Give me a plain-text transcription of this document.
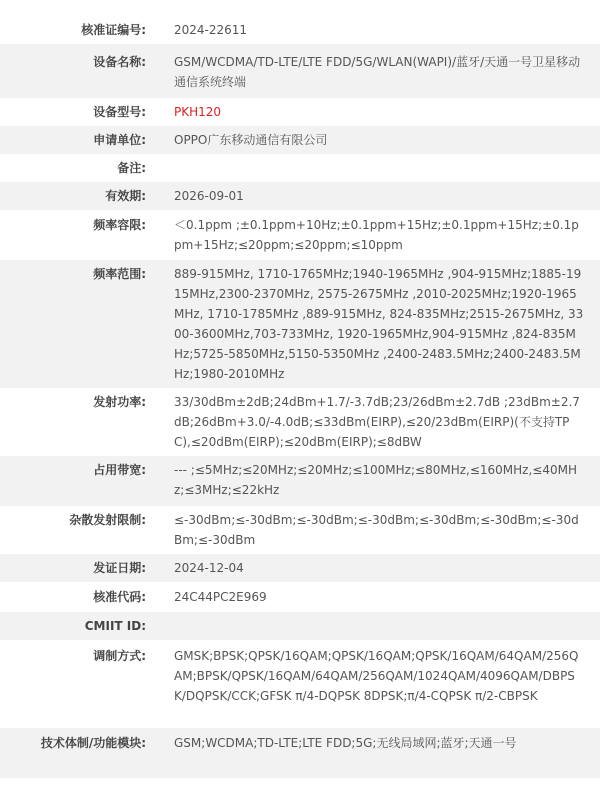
核准证编号: 2024-22611
设备名称: GSM/WCDMA/TD-LTE/LTE FDD/5G/WLAN(WAPI)/蓝牙/天通一号卫星移动通信系统终端
设备型号: PKH120
申请单位: OPPO广东移动通信有限公司
备注:
有效期: 2026-09-01
频率容限: ＜0.1ppm ;±0.1ppm+10Hz;±0.1ppm+15Hz;±0.1ppm+15Hz;±0.1ppm+15Hz;≤20ppm;≤20ppm;≤10ppm
频率范围: 889-915MHz, 1710-1765MHz;1940-1965MHz ,904-915MHz;1885-1915MHz,2300-2370MHz, 2575-2675MHz ,2010-2025MHz;1920-1965MHz, 1710-1785MHz ,889-915MHz, 824-835MHz;2515-2675MHz, 3300-3600MHz,703-733MHz, 1920-1965MHz,904-915MHz ,824-835MHz;5725-5850MHz,5150-5350MHz ,2400-2483.5MHz;2400-2483.5MHz;1980-2010MHz
发射功率: 33/30dBm±2dB;24dBm+1.7/-3.7dB;23/26dBm±2.7dB ;23dBm±2.7dB;26dBm+3.0/-4.0dB;≤33dBm(EIRP),≤20/23dBm(EIRP)(不支持TPC),≤20dBm(EIRP);≤20dBm(EIRP);≤8dBW
占用带宽: --- ;≤5MHz;≤20MHz;≤20MHz;≤100MHz;≤80MHz,≤160MHz,≤40MHz;≤3MHz;≤22kHz
杂散发射限制: ≤-30dBm;≤-30dBm;≤-30dBm;≤-30dBm;≤-30dBm;≤-30dBm;≤-30dBm;≤-30dBm
发证日期: 2024-12-04
核准代码: 24C44PC2E969
CMIIT ID:
调制方式: GMSK;BPSK;QPSK/16QAM;QPSK/16QAM;QPSK/16QAM/64QAM/256QAM;BPSK/QPSK/16QAM/64QAM/256QAM/1024QAM/4096QAM/DBPSK/DQPSK/CCK;GFSK π/4-DQPSK 8DPSK;π/4-CQPSK π/2-CBPSK
技术体制/功能模块: GSM;WCDMA;TD-LTE;LTE FDD;5G;无线局域网;蓝牙;天通一号
